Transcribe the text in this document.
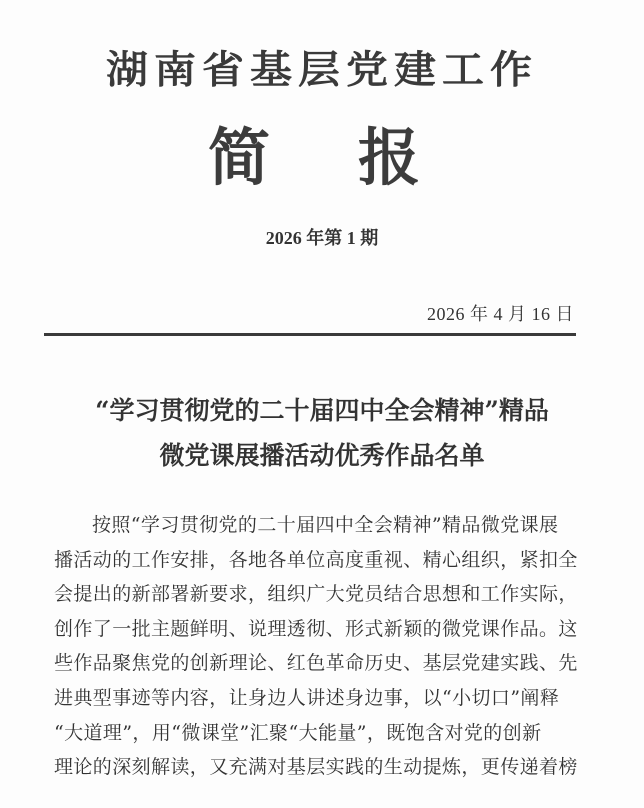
湖南省基层党建工作
简 报
2026 年第 1 期
2026 年 4 月 16 日
“学习贯彻党的二十届四中全会精神”精品
微党课展播活动优秀作品名单
按照“学习贯彻党的二十届四中全会精神”精品微党课展
播活动的工作安排，各地各单位高度重视、精心组织，紧扣全
会提出的新部署新要求，组织广大党员结合思想和工作实际，
创作了一批主题鲜明、说理透彻、形式新颖的微党课作品。这
些作品聚焦党的创新理论、红色革命历史、基层党建实践、先
进典型事迹等内容，让身边人讲述身边事，以“小切口”阐释
“大道理”，用“微课堂”汇聚“大能量”，既饱含对党的创新
理论的深刻解读，又充满对基层实践的生动提炼，更传递着榜
